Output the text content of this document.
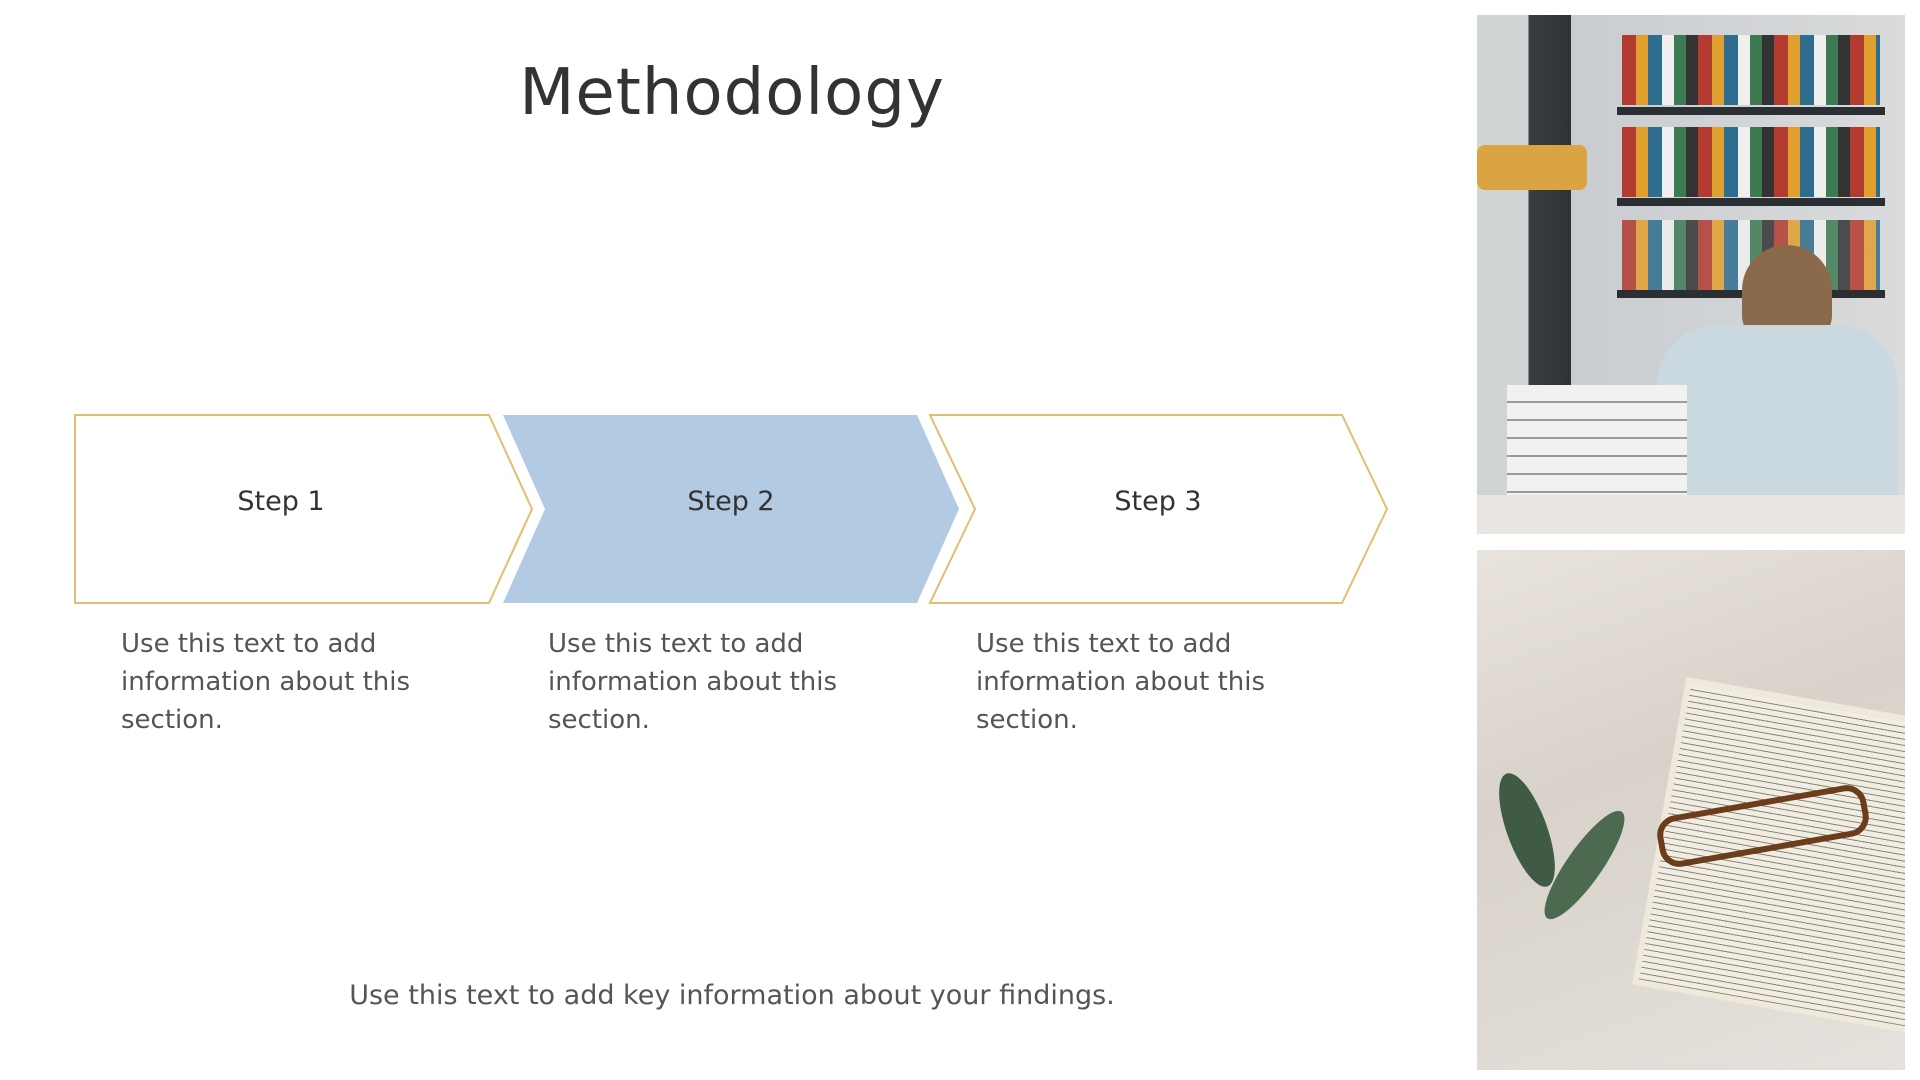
Methodology
Step 1	Step 2	Step 3
Use this text to add information about this section.
Use this text to add information about this section.
Use this text to add information about this section.
Use this text to add key information about your findings.
